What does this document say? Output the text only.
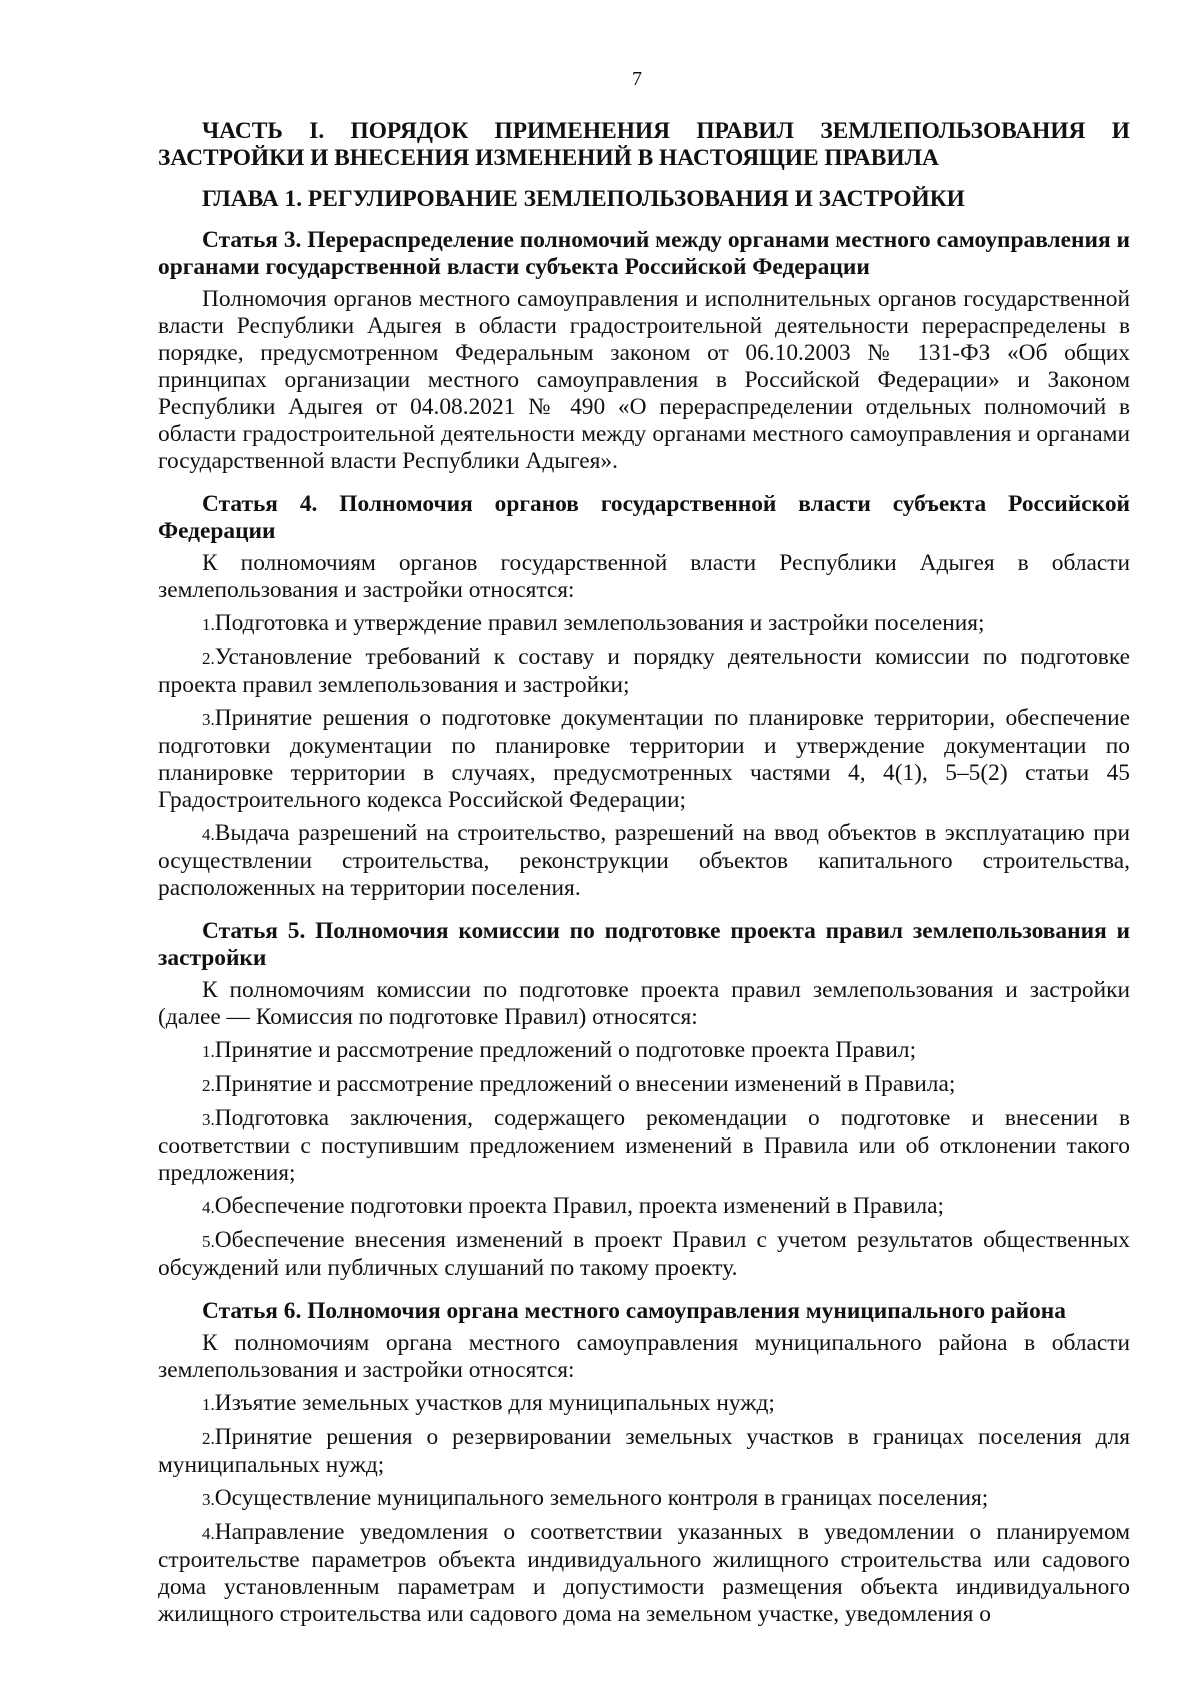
7
ЧАСТЬ I. ПОРЯДОК ПРИМЕНЕНИЯ ПРАВИЛ ЗЕМЛЕПОЛЬЗОВАНИЯ И ЗАСТРОЙКИ И ВНЕСЕНИЯ ИЗМЕНЕНИЙ В НАСТОЯЩИЕ ПРАВИЛА
ГЛАВА 1. РЕГУЛИРОВАНИЕ ЗЕМЛЕПОЛЬЗОВАНИЯ И ЗАСТРОЙКИ
Статья 3. Перераспределение полномочий между органами местного самоуправления и органами государственной власти субъекта Российской Федерации
Полномочия органов местного самоуправления и исполнительных органов государственной власти Республики Адыгея в области градостроительной деятельности перераспределены в порядке, предусмотренном Федеральным законом от 06.10.2003 № 131-ФЗ «Об общих принципах организации местного самоуправления в Российской Федерации» и Законом Республики Адыгея от 04.08.2021 № 490 «О перераспределении отдельных полномочий в области градостроительной деятельности между органами местного самоуправления и органами государственной власти Республики Адыгея».
Статья 4. Полномочия органов государственной власти субъекта Российской Федерации
К полномочиям органов государственной власти Республики Адыгея в области землепользования и застройки относятся:
1.Подготовка и утверждение правил землепользования и застройки поселения;
2.Установление требований к составу и порядку деятельности комиссии по подготовке проекта правил землепользования и застройки;
3.Принятие решения о подготовке документации по планировке территории, обеспечение подготовки документации по планировке территории и утверждение документации по планировке территории в случаях, предусмотренных частями 4, 4(1), 5–5(2) статьи 45 Градостроительного кодекса Российской Федерации;
4.Выдача разрешений на строительство, разрешений на ввод объектов в эксплуатацию при осуществлении строительства, реконструкции объектов капитального строительства, расположенных на территории поселения.
Статья 5. Полномочия комиссии по подготовке проекта правил землепользования и застройки
К полномочиям комиссии по подготовке проекта правил землепользования и застройки (далее — Комиссия по подготовке Правил) относятся:
1.Принятие и рассмотрение предложений о подготовке проекта Правил;
2.Принятие и рассмотрение предложений о внесении изменений в Правила;
3.Подготовка заключения, содержащего рекомендации о подготовке и внесении в соответствии с поступившим предложением изменений в Правила или об отклонении такого предложения;
4.Обеспечение подготовки проекта Правил, проекта изменений в Правила;
5.Обеспечение внесения изменений в проект Правил с учетом результатов общественных обсуждений или публичных слушаний по такому проекту.
Статья 6. Полномочия органа местного самоуправления муниципального района
К полномочиям органа местного самоуправления муниципального района в области землепользования и застройки относятся:
1.Изъятие земельных участков для муниципальных нужд;
2.Принятие решения о резервировании земельных участков в границах поселения для муниципальных нужд;
3.Осуществление муниципального земельного контроля в границах поселения;
4.Направление уведомления о соответствии указанных в уведомлении о планируемом строительстве параметров объекта индивидуального жилищного строительства или садового дома установленным параметрам и допустимости размещения объекта индивидуального жилищного строительства или садового дома на земельном участке, уведомления о
